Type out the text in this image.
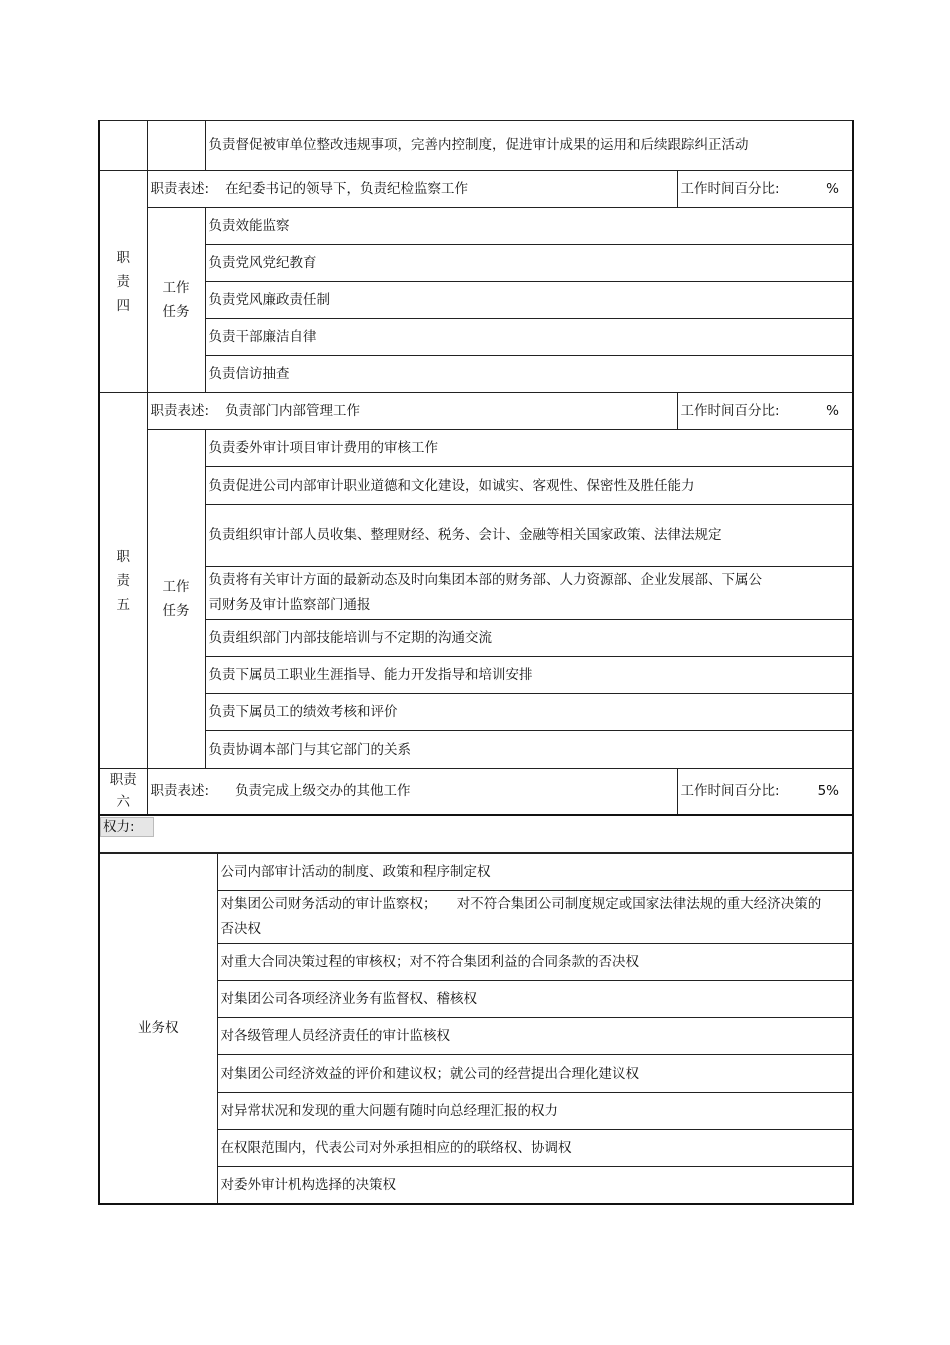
		负责督促被审单位整改违规事项，完善内控制度，促进审计成果的运用和后续跟踪纠正活动	
职责四	职责表述: 在纪委书记的领导下，负责纪检监察工作		工作时间百分比: %

	工作任务	负责效能监察	
		负责党风党纪教育	
		负责党风廉政责任制	
		负责干部廉洁自律	
		负责信访抽查	
职责五	职责表述: 负责部门内部管理工作		工作时间百分比: %

	工作任务	负责委外审计项目审计费用的审核工作	
		负责促进公司内部审计职业道德和文化建设，如诚实、客观性、保密性及胜任能力	
		负责组织审计部人员收集、整理财经、税务、会计、金融等相关国家政策、法律法规定	
		负责将有关审计方面的最新动态及时向集团本部的财务部、人力资源部、企业发展部、下属公司财务及审计监察部门通报	
		负责组织部门内部技能培训与不定期的沟通交流	
		负责下属员工职业生涯指导、能力开发指导和培训安排	
		负责下属员工的绩效考核和评价	
		负责协调本部门与其它部门的关系	
职责六	职责表述: 负责完成上级交办的其他工作		工作时间百分比: 5%

权力:			
业务权	公司内部审计活动的制度、政策和程序制定权
对集团公司财务活动的审计监察权；　　对不符合集团公司制度规定或国家法律法规的重大经济决策的否决权
对重大合同决策过程的审核权；对不符合集团利益的合同条款的否决权
对集团公司各项经济业务有监督权、稽核权
对各级管理人员经济责任的审计监核权
对集团公司经济效益的评价和建议权；就公司的经营提出合理化建议权
对异常状况和发现的重大问题有随时向总经理汇报的权力
在权限范围内，代表公司对外承担相应的的联络权、协调权
对委外审计机构选择的决策权
